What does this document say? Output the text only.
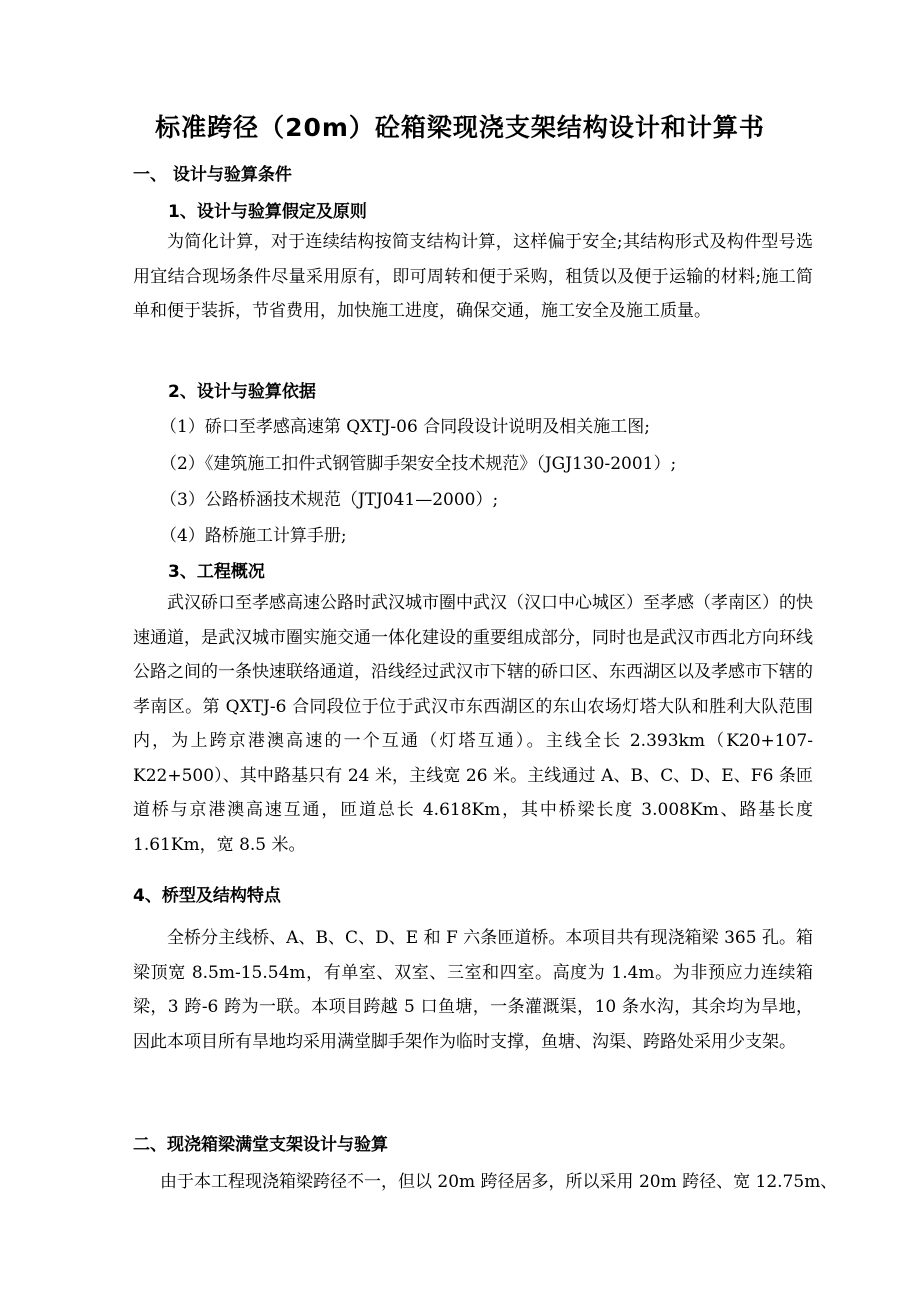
标准跨径（20m）砼箱梁现浇支架结构设计和计算书
一、 设计与验算条件
1、设计与验算假定及原则
为简化计算，对于连续结构按简支结构计算，这样偏于安全;其结构形式及构件型号选用宜结合现场条件尽量采用原有，即可周转和便于采购，租赁以及便于运输的材料;施工简单和便于装拆，节省费用，加快施工进度，确保交通，施工安全及施工质量。
2、设计与验算依据
（1）硚口至孝感高速第 QXTJ-06 合同段设计说明及相关施工图;
（2）《建筑施工扣件式钢管脚手架安全技术规范》（JGJ130-2001）;
（3）公路桥涵技术规范（JTJ041—2000）;
（4）路桥施工计算手册;
3、工程概况
武汉硚口至孝感高速公路时武汉城市圈中武汉（汉口中心城区）至孝感（孝南区）的快速通道，是武汉城市圈实施交通一体化建设的重要组成部分，同时也是武汉市西北方向环线公路之间的一条快速联络通道，沿线经过武汉市下辖的硚口区、东西湖区以及孝感市下辖的孝南区。第 QXTJ-6 合同段位于位于武汉市东西湖区的东山农场灯塔大队和胜利大队范围内，为上跨京港澳高速的一个互通（灯塔互通）。主线全长 2.393km（K20+107-K22+500）、其中路基只有 24 米，主线宽 26 米。主线通过 A、B、C、D、E、F6 条匝道桥与京港澳高速互通，匝道总长 4.618Km，其中桥梁长度 3.008Km、路基长度 1.61Km，宽 8.5 米。
4、桥型及结构特点
全桥分主线桥、A、B、C、D、E 和 F 六条匝道桥。本项目共有现浇箱梁 365 孔。箱梁顶宽 8.5m-15.54m，有单室、双室、三室和四室。高度为 1.4m。为非预应力连续箱梁，3 跨-6 跨为一联。本项目跨越 5 口鱼塘，一条灌溉渠，10 条水沟，其余均为旱地，因此本项目所有旱地均采用满堂脚手架作为临时支撑，鱼塘、沟渠、跨路处采用少支架。
二、现浇箱梁满堂支架设计与验算
由于本工程现浇箱梁跨径不一，但以 20m 跨径居多，所以采用 20m 跨径、宽 12.75m、
